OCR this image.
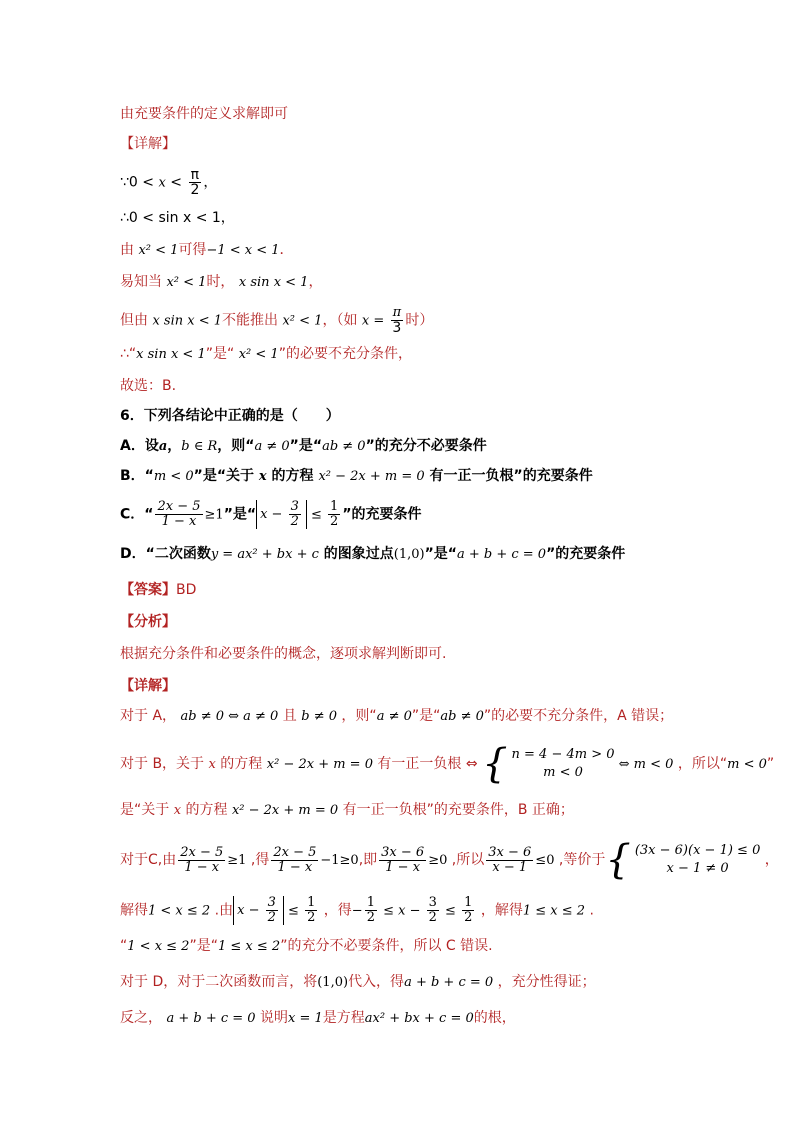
由充要条件的定义求解即可
【详解】
∵0 < $x < \frac{\pi}{2}$ ，
∴0 < sin x < 1，
由 x² < 1可得−1 < x < 1．
易知当 x² < 1时， x sin x < 1，
但由 x sin x < 1不能推出 x² < 1，（如 $x = \frac{\pi}{3}$ 时）
∴“x sin x < 1”是“ x² < 1”的必要不充分条件，
故选：B.
6．下列各结论中正确的是（　　）
A．设a，b ∈ R，则“a ≠ 0”是“ab ≠ 0”的充分不必要条件
B．“m < 0”是“关于 x 的方程 x² − 2x + m = 0 有一正一负根”的充要条件
C．“ $\frac{2x - 5}{1 - x} \ge 1$”是“ $x - \frac{3}{2} \le \frac{1}{2}$ ”的充要条件
D．“二次函数y = ax² + bx + c 的图象过点(1,0)”是“a + b + c = 0”的充要条件
【答案】BD
【分析】
根据充分条件和必要条件的概念，逐项求解判断即可.
【详解】
对于 A， ab ≠ 0 ⇔ a ≠ 0 且 b ≠ 0 ，则“a ≠ 0”是“ab ≠ 0”的必要不充分条件，A 错误；
对于 B，关于 x 的方程 x² − 2x + m = 0 有一正一负根 ⇔ { n = 4 − 4m > 0
m < 0
⇔ m < 0 ，所以“m < 0”
是“关于 x 的方程 x² − 2x + m = 0 有一正一负根”的充要条件，B 正确；
对于C,由 $\frac{2x - 5}{1 - x} \ge 1$ ,得 $\frac{2x - 5}{1 - x} -1\ge 0$,即 $\frac{3x - 6}{1 - x} \ge 0$ ,所以 $\frac{3x - 6}{x - 1} \le 0$ ,等价于 { (3x − 6)(x − 1) ≤ 0
x − 1 ≠ 0
，
解得1 < x ≤ 2 .由 $x - \frac{3}{2} \le \frac{1}{2}$ ，得− $\frac{1}{2} \le x - \frac{3}{2} \le \frac{1}{2}$ ，解得1 ≤ x ≤ 2 .
“1 < x ≤ 2”是“1 ≤ x ≤ 2”的充分不必要条件，所以 C 错误.
对于 D，对于二次函数而言，将(1,0)代入，得a + b + c = 0 ，充分性得证；
反之， a + b + c = 0 说明x = 1是方程ax² + bx + c = 0的根，
